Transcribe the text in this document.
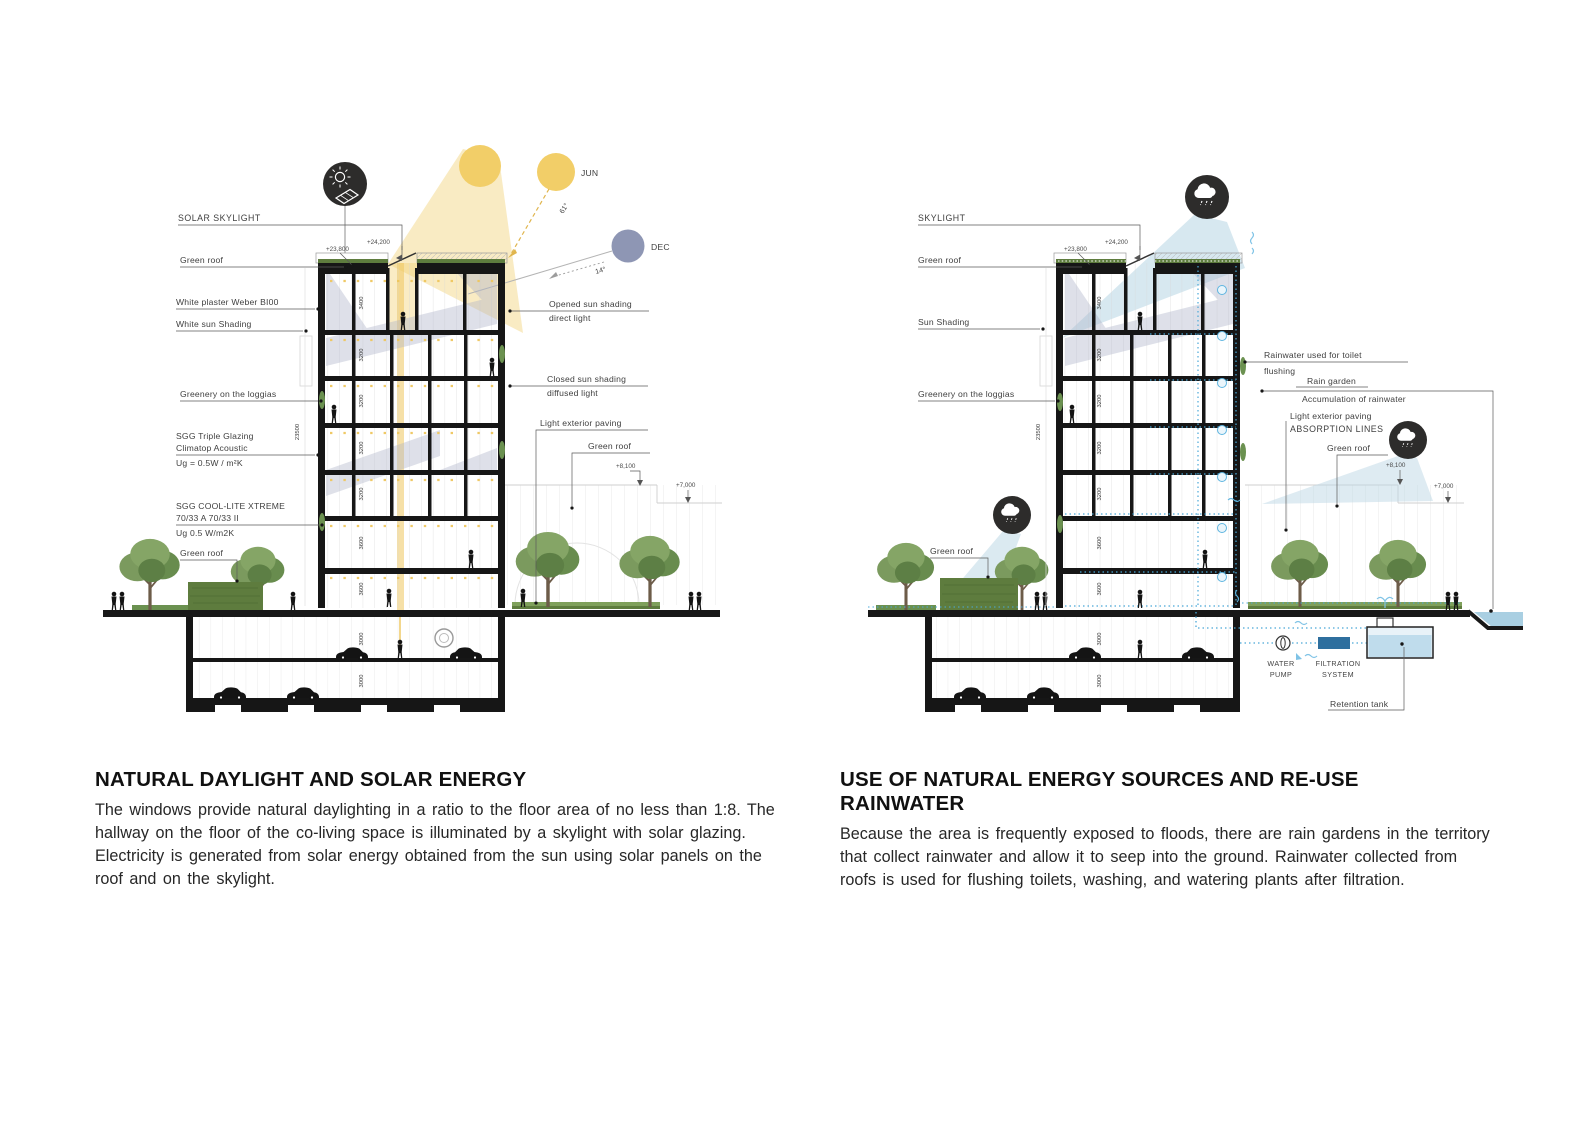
JUN
61°
DEC
14°
+23,800
+24,200
23500
3400
3200
3200
3200
3200
3600
3600
3000
3000
+8,100
+7,000
SOLAR SKYLIGHT
Green roof
White plaster Weber BI00
White sun Shading
Greenery on the loggias
SGG Triple Glazing
Climatop Acoustic
Ug = 0.5W / m²K
SGG COOL-LITE XTREME
70/33 A 70/33 II
Ug 0.5 W/m2K
Green roof
Opened sun shading
direct light
Closed sun shading
diffused light
Light exterior paving
Green roof
+23,800
+24,200
23500
3400
3200
3200
3200
3200
3600
3600
3000
3000
+8,100
+7,000
SKYLIGHT
Green roof
Sun Shading
Greenery on the loggias
Green roof
Rainwater used for toilet
flushing
Rain garden
Accumulation of rainwater
Light exterior paving
ABSORPTION LINES
Green roof
WATER
PUMP
FILTRATION
SYSTEM
Retention tank
NATURAL DAYLIGHT AND SOLAR ENERGY

The windows provide natural daylighting in a ratio to the floor area of no less than 1:8. The hallway on the floor of the co-living space is illuminated by a skylight with solar glazing. Electricity is generated from solar energy obtained from the sun using solar panels on the roof and on the skylight.

USE OF NATURAL ENERGY SOURCES AND RE-USE RAINWATER

Because the area is frequently exposed to floods, there are rain gardens in the territory that collect rainwater and allow it to seep into the ground. Rainwater collected from roofs is used for flushing toilets, washing, and watering plants after filtration.
